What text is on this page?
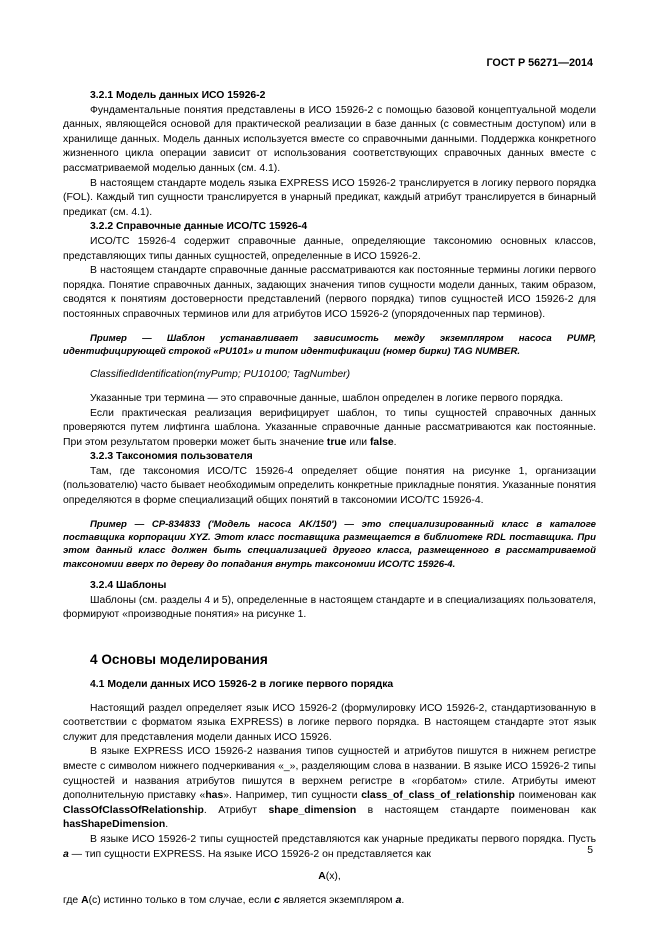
ГОСТ Р 56271—2014
3.2.1 Модель данных ИСО 15926-2

Фундаментальные понятия представлены в ИСО 15926-2 с помощью базовой концептуальной модели данных, являющейся основой для практической реализации в базе данных (с совместным доступом) или в хранилище данных. Модель данных используется вместе со справочными данными. Поддержка конкретного жизненного цикла операции зависит от использования соответствующих справочных данных вместе с рассматриваемой моделью данных (см. 4.1).

В настоящем стандарте модель языка EXPRESS ИСО 15926-2 транслируется в логику первого порядка (FOL). Каждый тип сущности транслируется в унарный предикат, каждый атрибут транслируется в бинарный предикат (см. 4.1).

3.2.2 Справочные данные ИСО/ТС 15926-4

ИСО/ТС 15926-4 содержит справочные данные, определяющие таксономию основных классов, представляющих типы данных сущностей, определенные в ИСО 15926-2.

В настоящем стандарте справочные данные рассматриваются как постоянные термины логики первого порядка. Понятие справочных данных, задающих значения типов сущности модели данных, таким образом, сводятся к понятиям достоверности представлений (первого порядка) типов сущностей ИСО 15926-2 для постоянных справочных терминов или для атрибутов ИСО 15926-2 (упорядоченных пар терминов).

Пример — Шаблон устанавливает зависимость между экземпляром насоса PUMP, идентифицирующей строкой «PU101» и типом идентификации (номер бирки) TAG NUMBER.

ClassifiedIdentification(myPump; PU10100; TagNumber)

Указанные три термина — это справочные данные, шаблон определен в логике первого порядка.

Если практическая реализация верифицирует шаблон, то типы сущностей справочных данных проверяются путем лифтинга шаблона. Указанные справочные данные рассматриваются как постоянные. При этом результатом проверки может быть значение true или false.

3.2.3 Таксономия пользователя

Там, где таксономия ИСО/ТС 15926-4 определяет общие понятия на рисунке 1, организации (пользователю) часто бывает необходимым определить конкретные прикладные понятия. Указанные понятия определяются в форме специализаций общих понятий в таксономии ИСО/ТС 15926-4.

Пример — CP-834833 ('Модель насоса AK/150') — это специализированный класс в каталоге поставщика корпорации XYZ. Этот класс поставщика размещается в библиотеке RDL поставщика. При этом данный класс должен быть специализацией другого класса, размещенного в рассматриваемой таксономии вверх по дереву до попадания внутрь таксономии ИСО/ТС 15926-4.

3.2.4 Шаблоны

Шаблоны (см. разделы 4 и 5), определенные в настоящем стандарте и в специализациях пользователя, формируют «производные понятия» на рисунке 1.

4 Основы моделирования
4.1 Модели данных ИСО 15926-2 в логике первого порядка

Настоящий раздел определяет язык ИСО 15926-2 (формулировку ИСО 15926-2, стандартизованную в соответствии с форматом языка EXPRESS) в логике первого порядка. В настоящем стандарте этот язык служит для представления модели данных ИСО 15926.

В языке EXPRESS ИСО 15926-2 названия типов сущностей и атрибутов пишутся в нижнем регистре вместе с символом нижнего подчеркивания «_», разделяющим слова в названии. В языке ИСО 15926-2 типы сущностей и названия атрибутов пишутся в верхнем регистре в «горбатом» стиле. Атрибуты имеют дополнительную приставку «has». Например, тип сущности class_of_class_of_relationship поименован как ClassOfClassOfRelationship. Атрибут shape_dimension в настоящем стандарте поименован как hasShapeDimension.

В языке ИСО 15926-2 типы сущностей представляются как унарные предикаты первого порядка. Пусть a — тип сущности EXPRESS. На языке ИСО 15926-2 он представляется как

A(x),

где A(c) истинно только в том случае, если c является экземпляром a.

5
